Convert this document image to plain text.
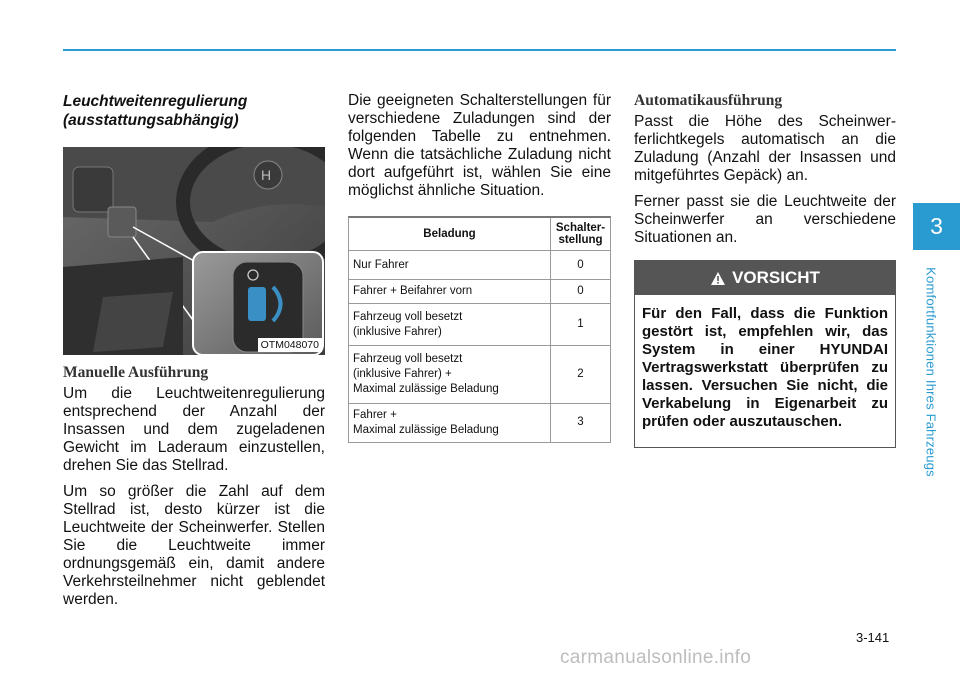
Leuchtweitenregulierung (ausstattungsabhängig)
H
OTM048070
Manuelle Ausführung

Um die Leuchtweitenregulierung entsprechend der Anzahl der Insassen und dem zugeladenen Gewicht im Laderaum einzustellen, drehen Sie das Stellrad.

Um so größer die Zahl auf dem Stellrad ist, desto kürzer ist die Leuchtweite der Scheinwerfer. Stellen Sie die Leuchtweite immer ordnungsgemäß ein, damit andere Verkehrsteilnehmer nicht geblendet werden.

Die geeigneten Schalterstellungen für verschiedene Zuladungen sind der folgenden Tabelle zu entnehmen. Wenn die tatsächliche Zuladung nicht dort aufgeführt ist, wählen Sie eine möglichst ähnliche Situation.

Beladung	Schalter-
stellung
Nur Fahrer	0
Fahrer + Beifahrer vorn	0
Fahrzeug voll besetzt
(inklusive Fahrer)	1
Fahrzeug voll besetzt
(inklusive Fahrer) +
Maximal zulässige Beladung	2
Fahrer +
Maximal zulässige Beladung	3
Automatikausführung

Passt die Höhe des Scheinwerferlichtkegels automatisch an die Zuladung (Anzahl der Insassen und mitgeführtes Gepäck) an.

Ferner passt sie die Leuchtweite der Scheinwerfer an verschiedene Situationen an.

VORSICHT
Für den Fall, dass die Funktion gestört ist, empfehlen wir, das System in einer HYUNDAI Vertragswerkstatt überprüfen zu lassen. Versuchen Sie nicht, die Verkabelung in Eigenarbeit zu prüfen oder auszutauschen.
3
Komfortfunktionen Ihres Fahrzeugs
3-141
carmanualsonline.info
